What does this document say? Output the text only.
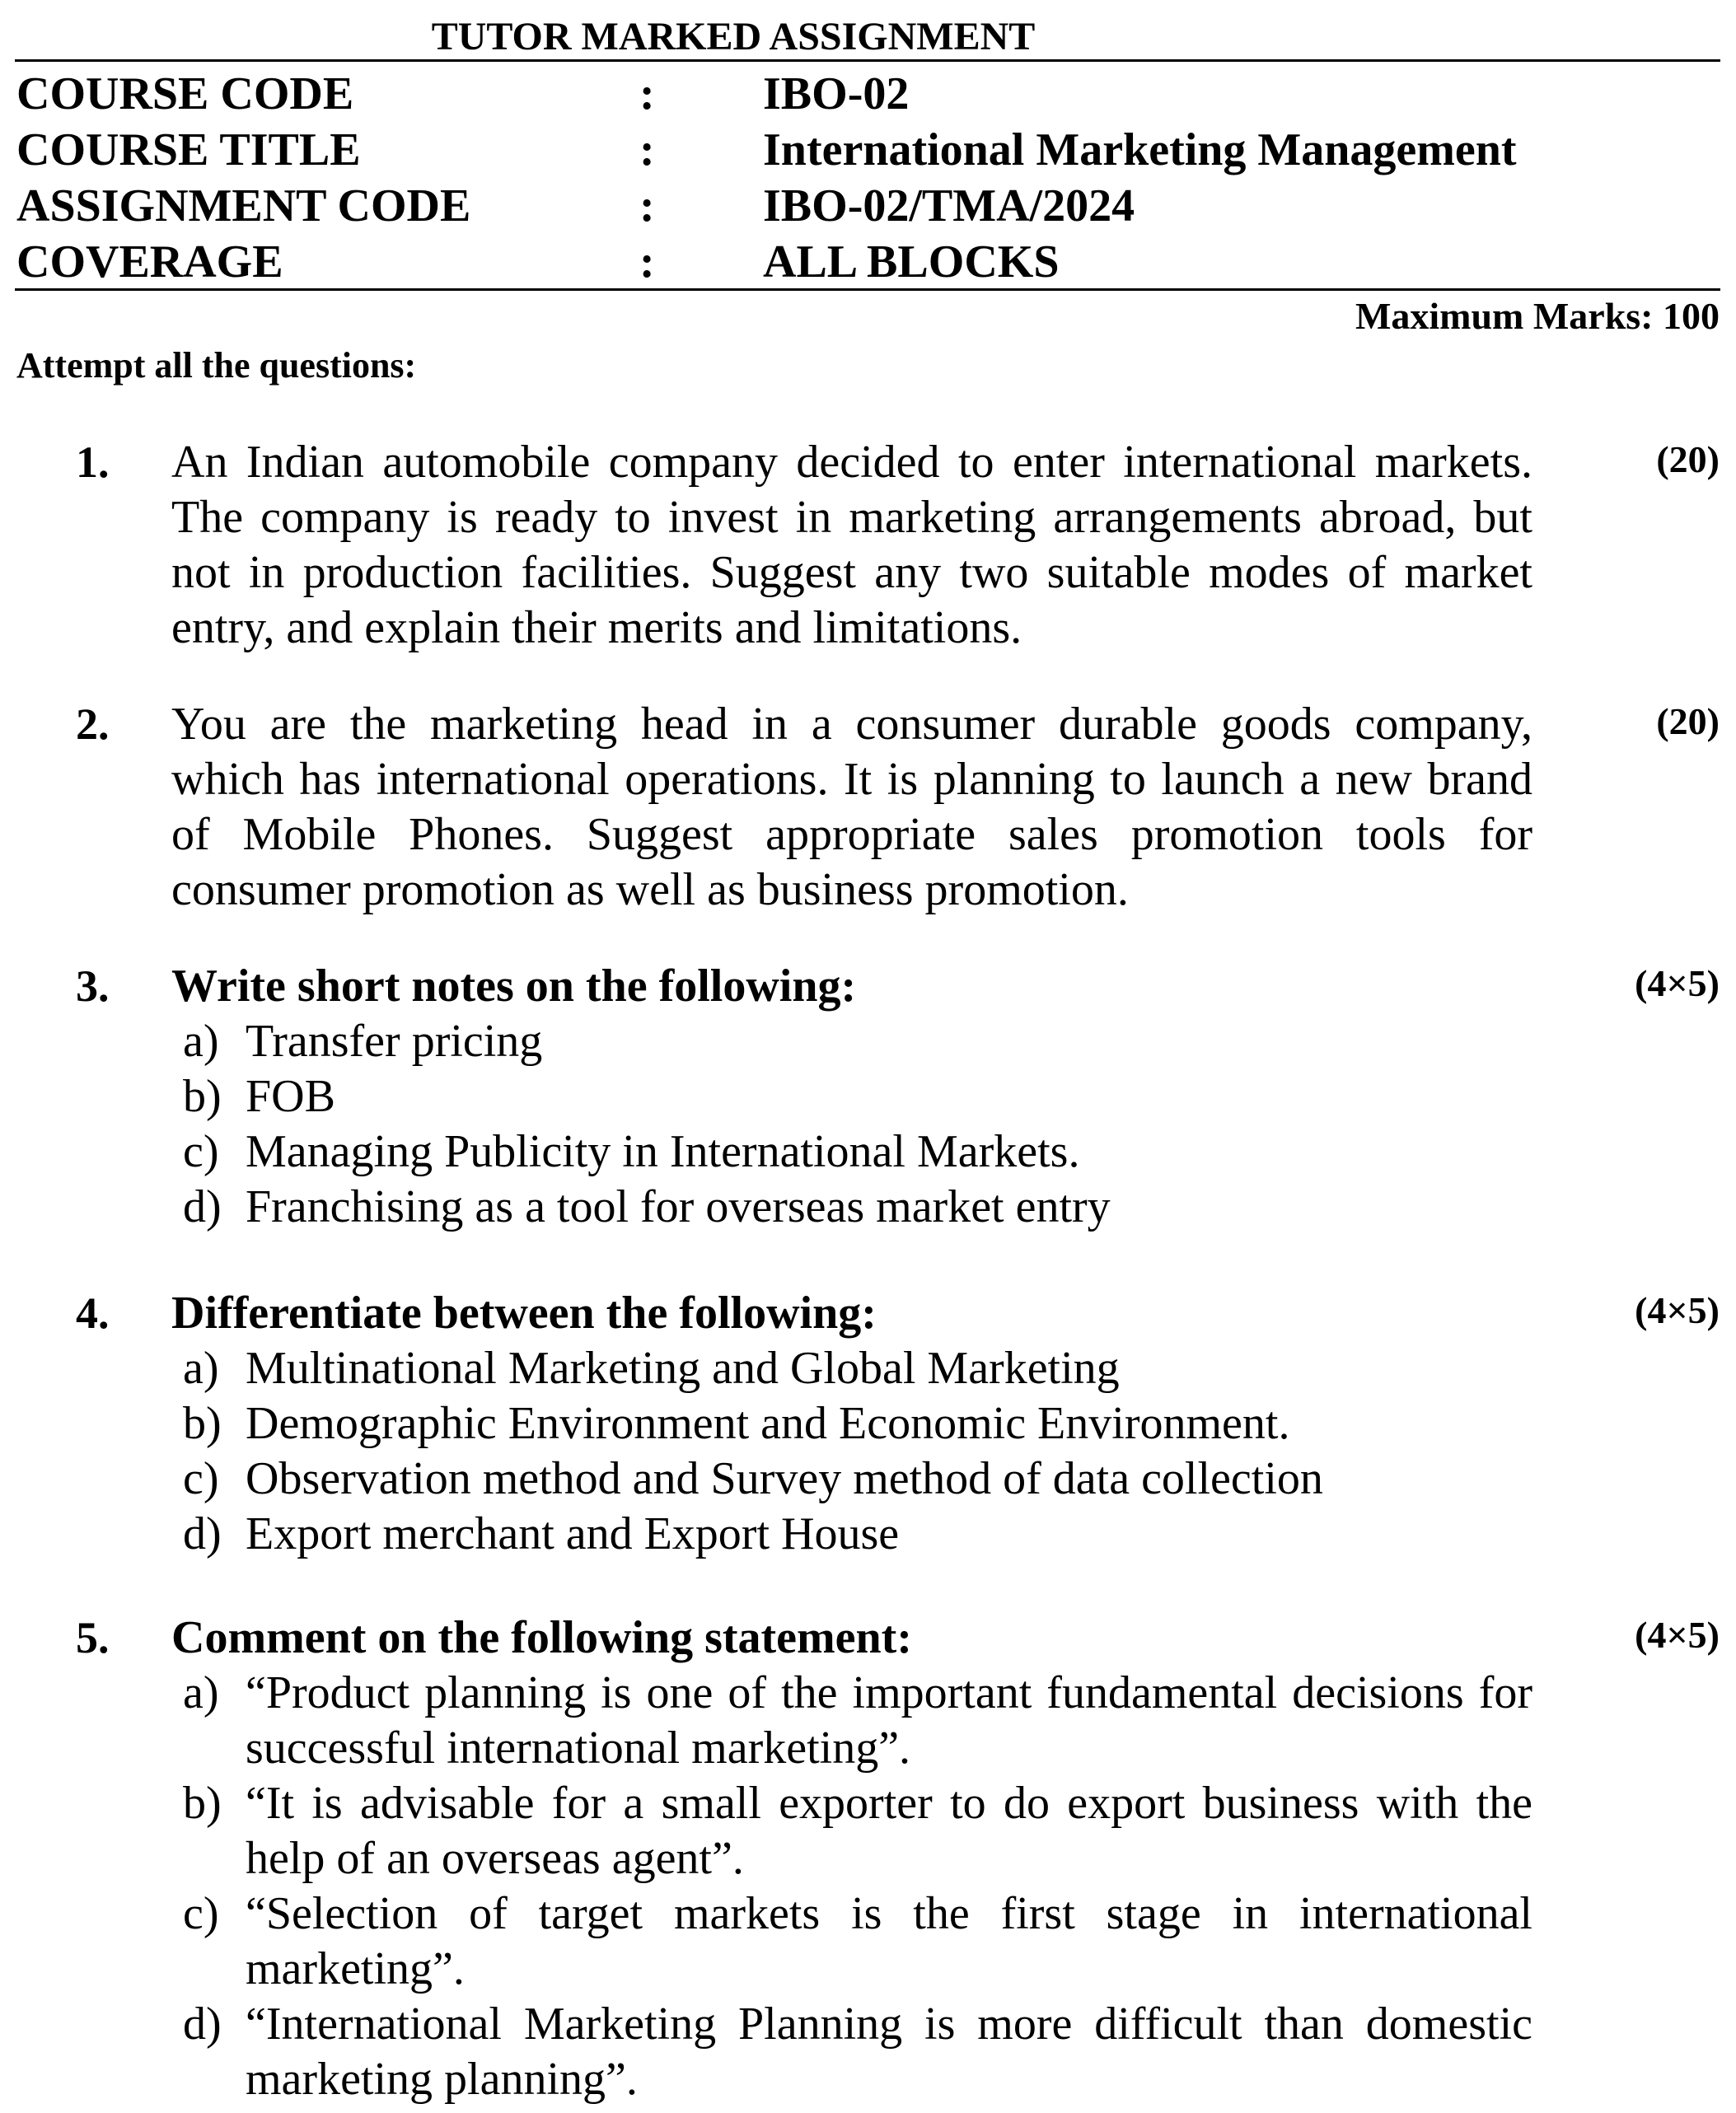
TUTOR MARKED ASSIGNMENT
COURSE CODE	: IBO-02
COURSE TITLE	: International Marketing Management
ASSIGNMENT CODE	: IBO-02/TMA/2024
COVERAGE	: ALL BLOCKS
Maximum Marks: 100
Attempt all the questions:
1. An Indian automobile company decided to enter international markets. The company is ready to invest in marketing arrangements abroad, but not in production facilities. Suggest any two suitable modes of market entry, and explain their merits and limitations.
(20)
2. You are the marketing head in a consumer durable goods company, which has international operations. It is planning to launch a new brand of Mobile Phones. Suggest appropriate sales promotion tools for consumer promotion as well as business promotion.
(20)
3. Write short notes on the following:
a) Transfer pricing
b) FOB
c) Managing Publicity in International Markets.
d) Franchising as a tool for overseas market entry
(4×5)
4. Differentiate between the following:
a) Multinational Marketing and Global Marketing
b) Demographic Environment and Economic Environment.
c) Observation method and Survey method of data collection
d) Export merchant and Export House
(4×5)
5. Comment on the following statement:
a) “Product planning is one of the important fundamental decisions for successful international marketing”.
b) “It is advisable for a small exporter to do export business with the help of an overseas agent”.
c) “Selection of target markets is the first stage in international marketing”.
d) “International Marketing Planning is more difficult than domestic marketing planning”.
(4×5)
